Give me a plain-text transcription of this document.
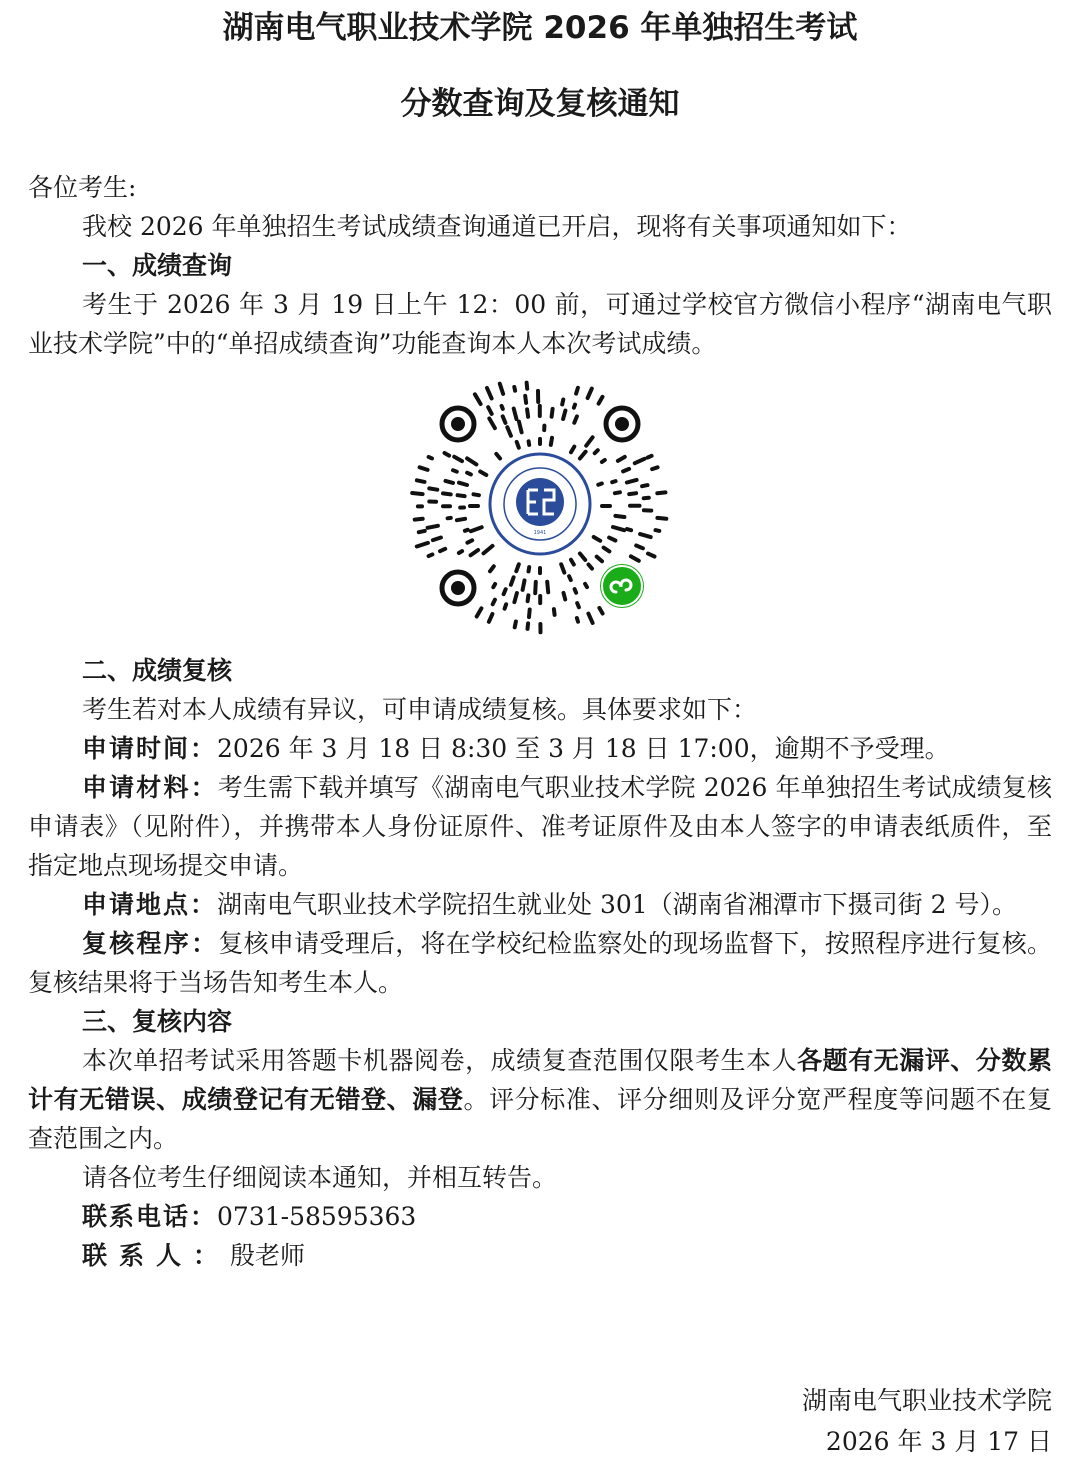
湖南电气职业技术学院 2026 年单独招生考试
分数查询及复核通知

各位考生:

我校 2026 年单独招生考试成绩查询通道已开启，现将有关事项通知如下：

一、成绩查询

考生于 2026 年 3 月 19 日上午 12：00 前，可通过学校官方微信小程序“湖南电气职业技术学院”中的“单招成绩查询”功能查询本人本次考试成绩。

1941

二、成绩复核

考生若对本人成绩有异议，可申请成绩复核。具体要求如下：

申请时间：2026 年 3 月 18 日 8:30 至 3 月 18 日 17:00，逾期不予受理。

申请材料：考生需下载并填写《湖南电气职业技术学院 2026 年单独招生考试成绩复核申请表》（见附件），并携带本人身份证原件、准考证原件及由本人签字的申请表纸质件，至指定地点现场提交申请。

申请地点：湖南电气职业技术学院招生就业处 301（湖南省湘潭市下摄司街 2 号）。

复核程序：复核申请受理后，将在学校纪检监察处的现场监督下，按照程序进行复核。复核结果将于当场告知考生本人。

三、复核内容

本次单招考试采用答题卡机器阅卷，成绩复查范围仅限考生本人各题有无漏评、分数累计有无错误、成绩登记有无错登、漏登。评分标准、评分细则及评分宽严程度等问题不在复查范围之内。

请各位考生仔细阅读本通知，并相互转告。

联系电话：0731-58595363

联系人：殷老师

湖南电气职业技术学院
2026 年 3 月 17 日
